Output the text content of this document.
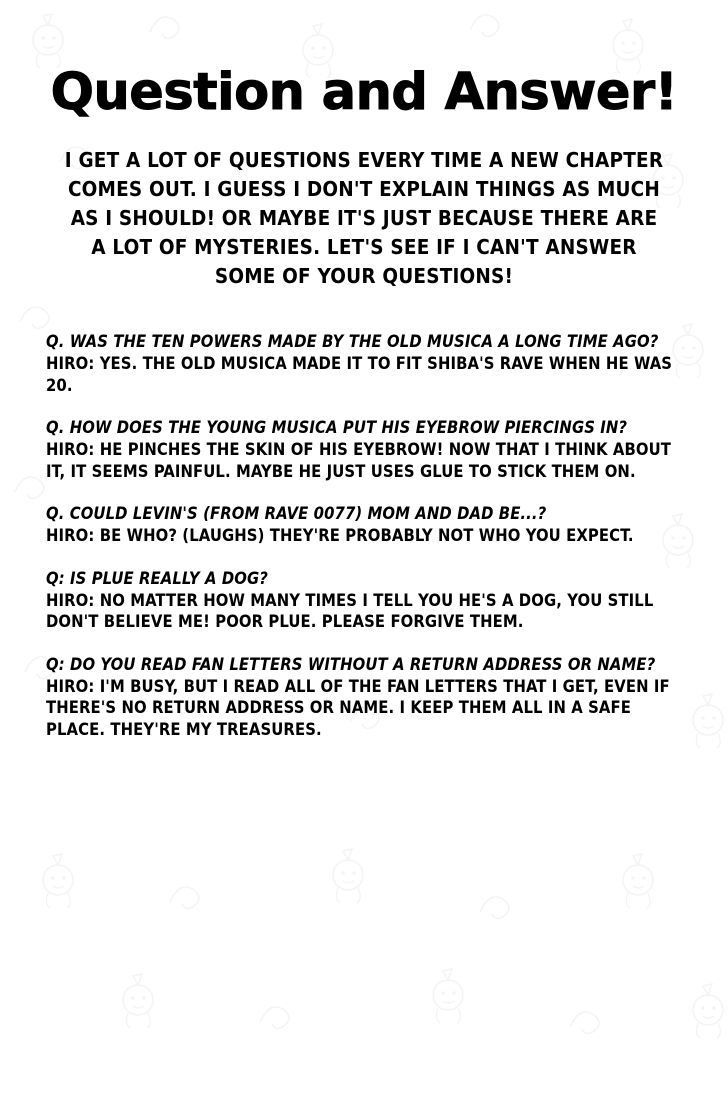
Question and Answer!

I GET A LOT OF QUESTIONS EVERY TIME A NEW CHAPTER COMES OUT. I GUESS I DON'T EXPLAIN THINGS AS MUCH AS I SHOULD! OR MAYBE IT'S JUST BECAUSE THERE ARE A LOT OF MYSTERIES. LET'S SEE IF I CAN'T ANSWER SOME OF YOUR QUESTIONS!

Q. WAS THE TEN POWERS MADE BY THE OLD MUSICA A LONG TIME AGO?
HIRO: YES. THE OLD MUSICA MADE IT TO FIT SHIBA'S RAVE WHEN HE WAS 20.
Q. HOW DOES THE YOUNG MUSICA PUT HIS EYEBROW PIERCINGS IN?
HIRO: HE PINCHES THE SKIN OF HIS EYEBROW! NOW THAT I THINK ABOUT IT, IT SEEMS PAINFUL. MAYBE HE JUST USES GLUE TO STICK THEM ON.
Q. COULD LEVIN'S (FROM RAVE 0077) MOM AND DAD BE...?
HIRO: BE WHO? (LAUGHS) THEY'RE PROBABLY NOT WHO YOU EXPECT.
Q: IS PLUE REALLY A DOG?
HIRO: NO MATTER HOW MANY TIMES I TELL YOU HE'S A DOG, YOU STILL DON'T BELIEVE ME! POOR PLUE. PLEASE FORGIVE THEM.
Q: DO YOU READ FAN LETTERS WITHOUT A RETURN ADDRESS OR NAME?
HIRO: I'M BUSY, BUT I READ ALL OF THE FAN LETTERS THAT I GET, EVEN IF THERE'S NO RETURN ADDRESS OR NAME. I KEEP THEM ALL IN A SAFE PLACE. THEY'RE MY TREASURES.
